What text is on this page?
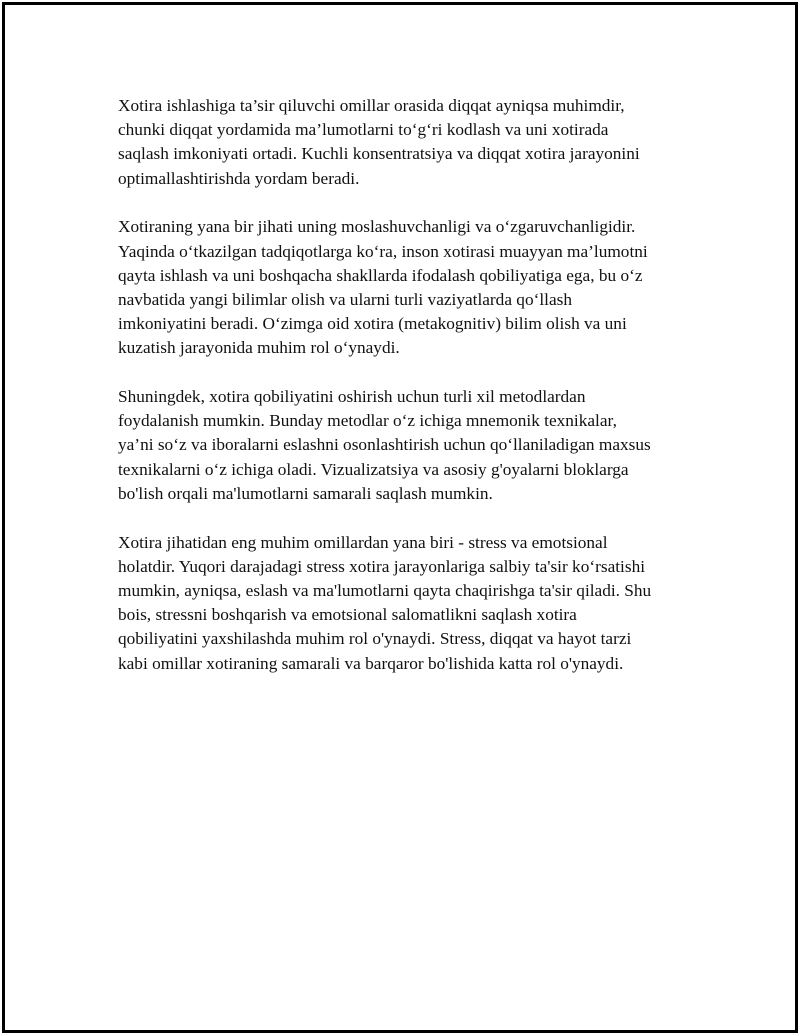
Xotira ishlashiga ta’sir qiluvchi omillar orasida diqqat ayniqsa muhimdir,
chunki diqqat yordamida ma’lumotlarni to‘g‘ri kodlash va uni xotirada
saqlash imkoniyati ortadi. Kuchli konsentratsiya va diqqat xotira jarayonini
optimallashtirishda yordam beradi.

Xotiraning yana bir jihati uning moslashuvchanligi va o‘zgaruvchanligidir.
Yaqinda o‘tkazilgan tadqiqotlarga ko‘ra, inson xotirasi muayyan ma’lumotni
qayta ishlash va uni boshqacha shakllarda ifodalash qobiliyatiga ega, bu o‘z
navbatida yangi bilimlar olish va ularni turli vaziyatlarda qo‘llash
imkoniyatini beradi. O‘zimga oid xotira (metakognitiv) bilim olish va uni
kuzatish jarayonida muhim rol o‘ynaydi.

Shuningdek, xotira qobiliyatini oshirish uchun turli xil metodlardan
foydalanish mumkin. Bunday metodlar o‘z ichiga mnemonik texnikalar,
ya’ni so‘z va iboralarni eslashni osonlashtirish uchun qo‘llaniladigan maxsus
texnikalarni o‘z ichiga oladi. Vizualizatsiya va asosiy g'oyalarni bloklarga
bo'lish orqali ma'lumotlarni samarali saqlash mumkin.

Xotira jihatidan eng muhim omillardan yana biri - stress va emotsional
holatdir. Yuqori darajadagi stress xotira jarayonlariga salbiy ta'sir ko‘rsatishi
mumkin, ayniqsa, eslash va ma'lumotlarni qayta chaqirishga ta'sir qiladi. Shu
bois, stressni boshqarish va emotsional salomatlikni saqlash xotira
qobiliyatini yaxshilashda muhim rol o'ynaydi. Stress, diqqat va hayot tarzi
kabi omillar xotiraning samarali va barqaror bo'lishida katta rol o'ynaydi.
